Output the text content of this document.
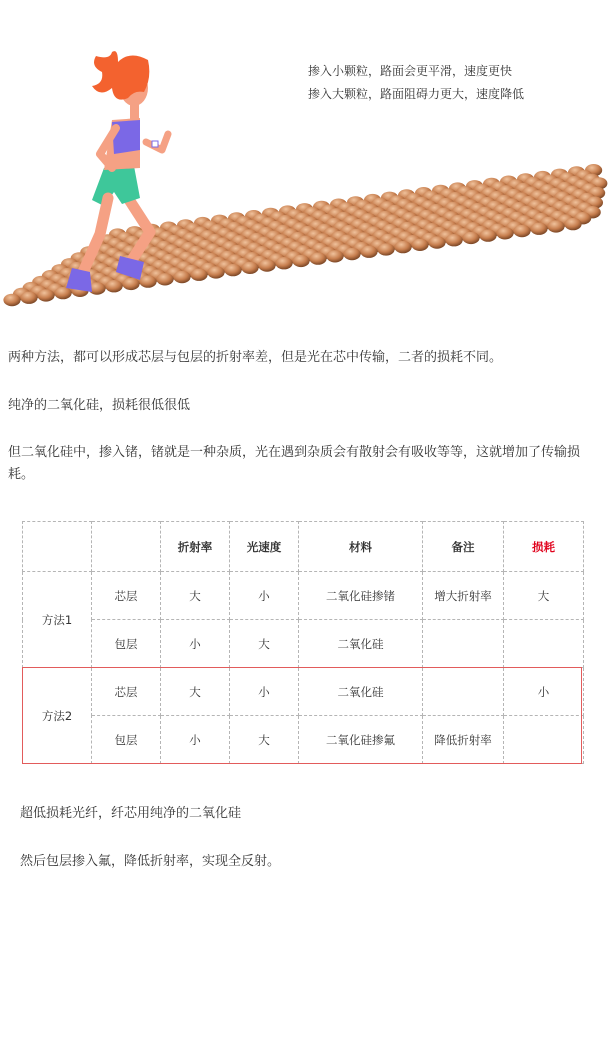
掺入小颗粒，路面会更平滑，速度更快
掺入大颗粒，路面阻碍力更大，速度降低
两种方法，都可以形成芯层与包层的折射率差，但是光在芯中传输，二者的损耗不同。
纯净的二氧化硅，损耗很低很低
但二氧化硅中，掺入锗，锗就是一种杂质，光在遇到杂质会有散射会有吸收等等，这就增加了传输损耗。
		折射率	光速度	材料	备注	损耗
方法1	芯层	大	小	二氧化硅掺锗	增大折射率	大
	包层	小	大	二氧化硅		
方法2	芯层	大	小	二氧化硅		小
	包层	小	大	二氧化硅掺氟	降低折射率	
超低损耗光纤，纤芯用纯净的二氧化硅
然后包层掺入氟，降低折射率，实现全反射。
